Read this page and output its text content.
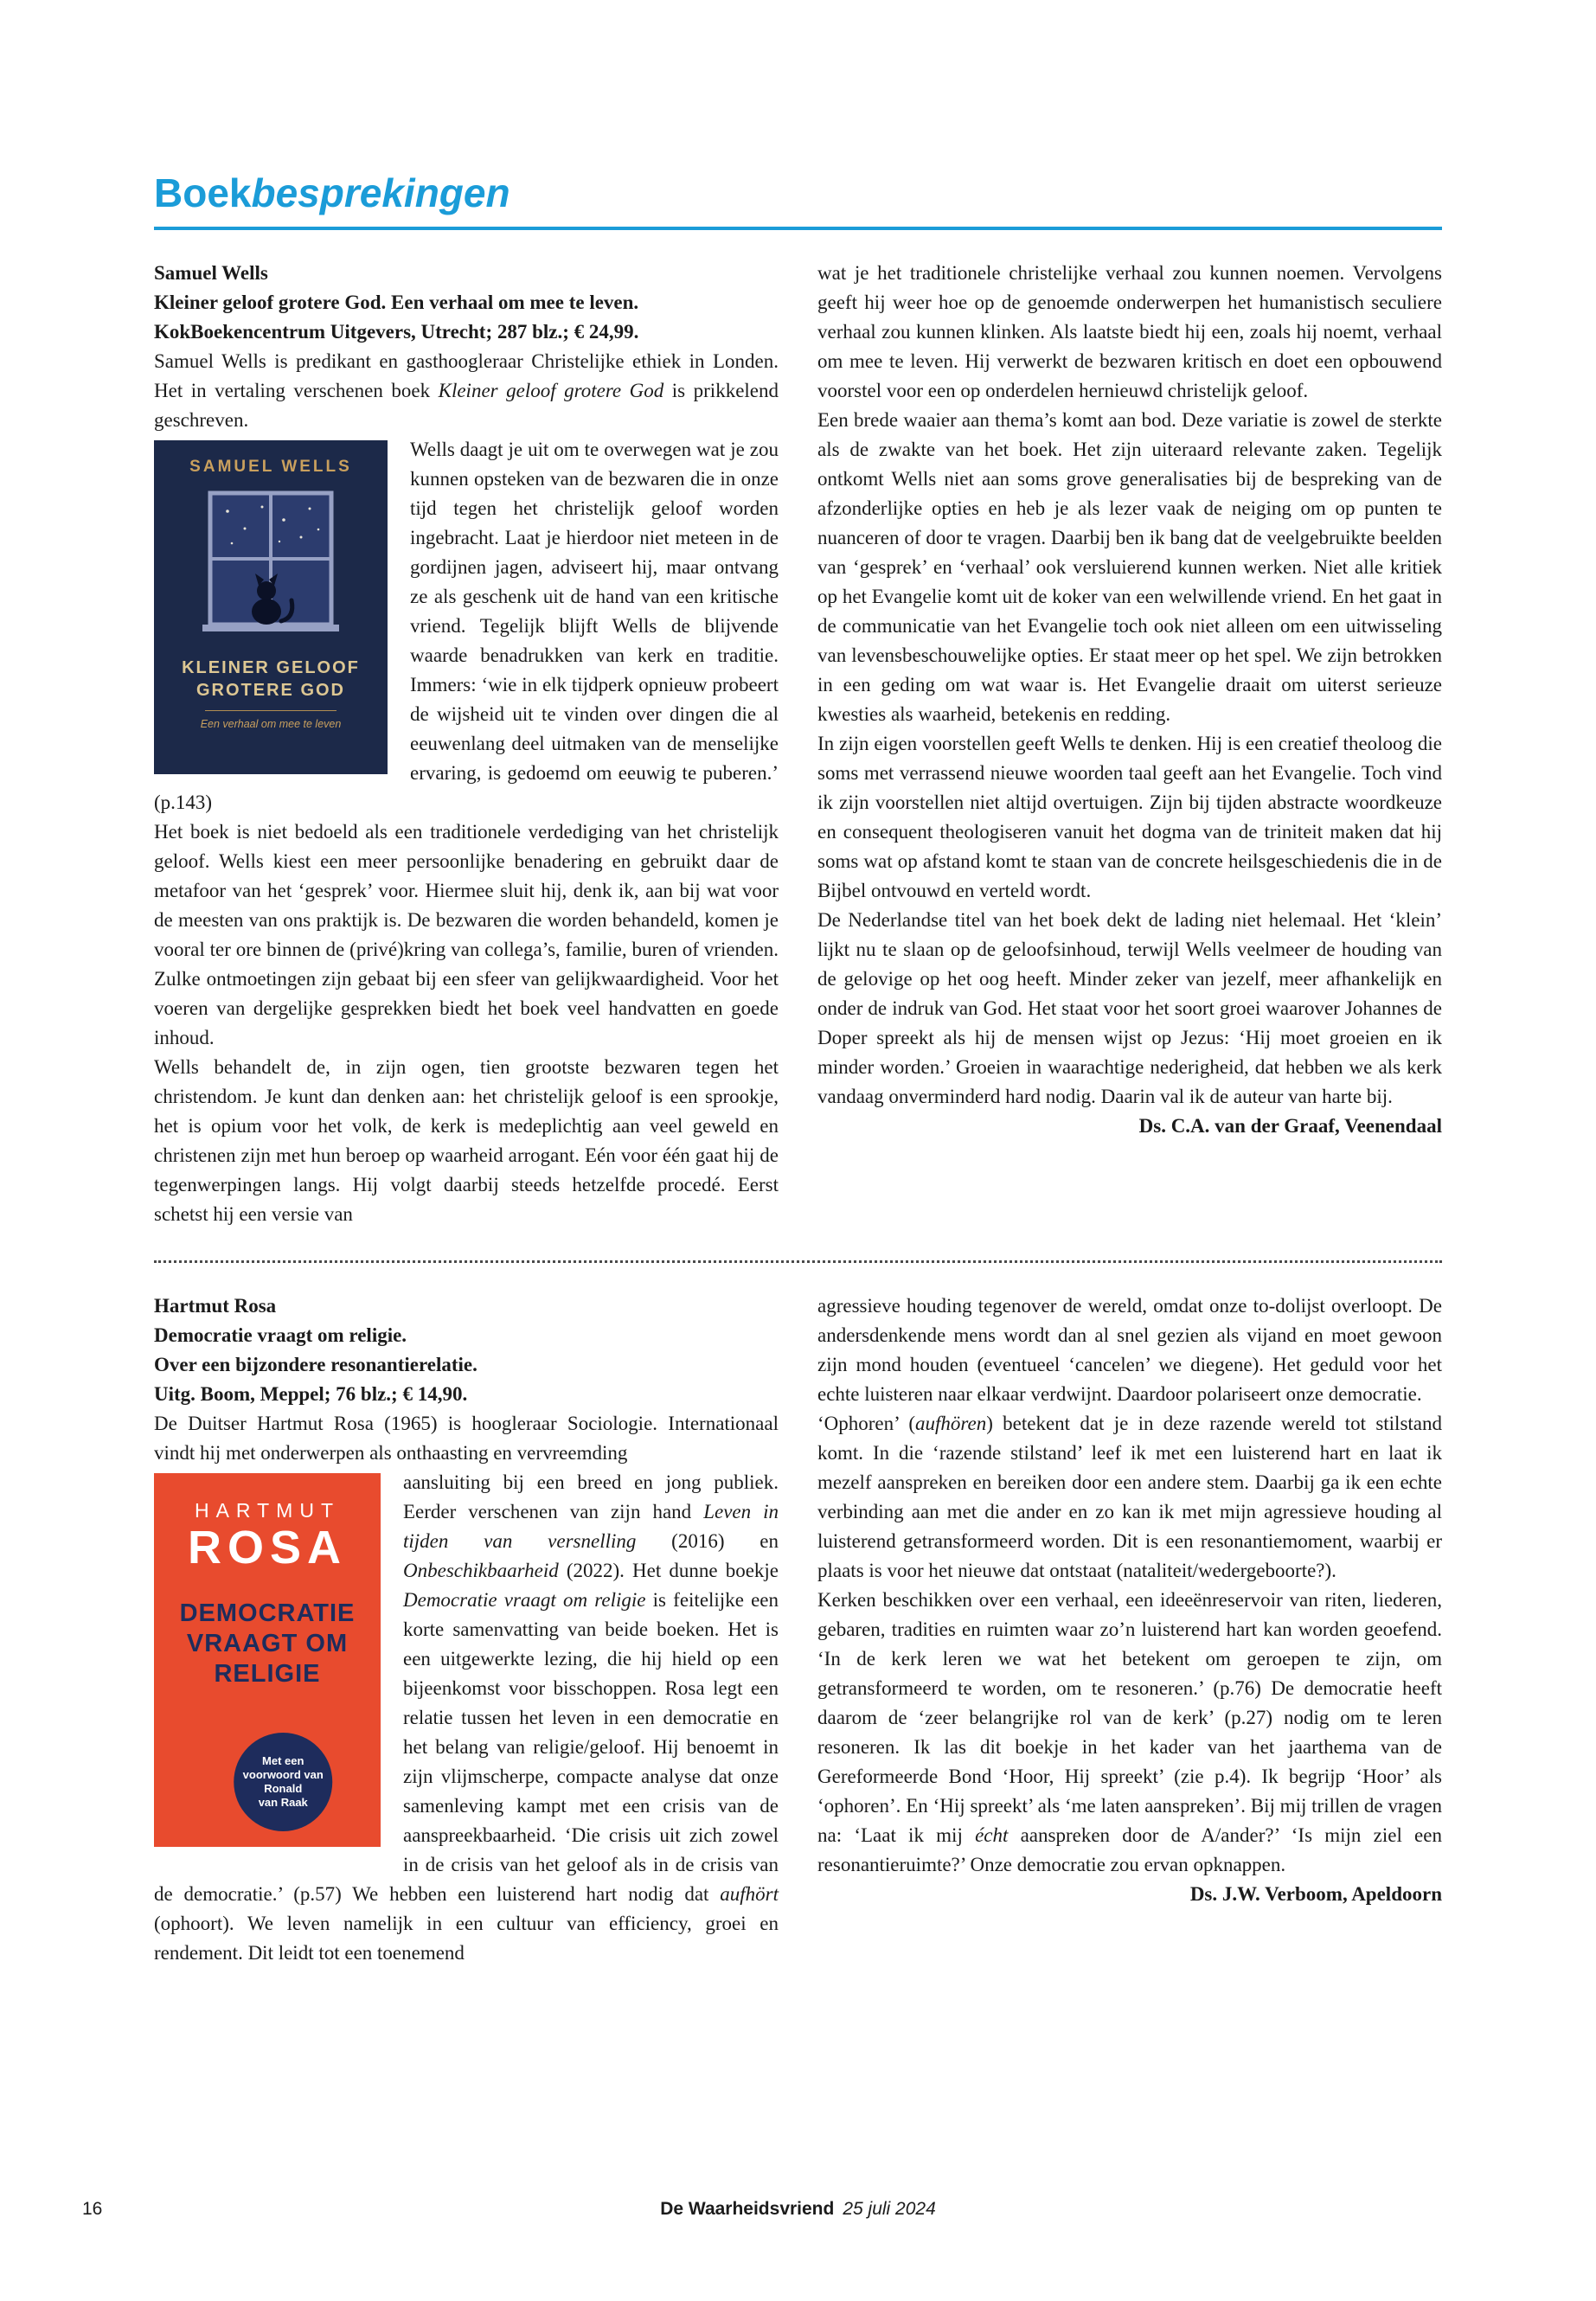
Boekbesprekingen
Samuel Wells
Kleiner geloof grotere God. Een verhaal om mee te leven.
KokBoekencentrum Uitgevers, Utrecht; 287 blz.; € 24,99.

Samuel Wells is predikant en gasthoogleraar Christelijke ethiek in Londen. Het in vertaling verschenen boek Kleiner geloof grotere God is prikkelend geschreven.

SAMUEL WELLS
KLEINER GELOOF
GROTERE GOD
Een verhaal om mee te leven

Wells daagt je uit om te overwegen wat je zou kunnen opsteken van de bezwaren die in onze tijd tegen het christelijk geloof worden ingebracht. Laat je hierdoor niet meteen in de gordijnen jagen, adviseert hij, maar ontvang ze als geschenk uit de hand van een kritische vriend. Tegelijk blijft Wells de blijvende waarde benadrukken van kerk en traditie. Immers: ‘wie in elk tijdperk opnieuw probeert de wijsheid uit te vinden over dingen die al eeuwenlang deel uitmaken van de menselijke ervaring, is gedoemd om eeuwig te puberen.’ (p.143)

Het boek is niet bedoeld als een traditionele verdediging van het christelijk geloof. Wells kiest een meer persoonlijke benadering en gebruikt daar de metafoor van het ‘gesprek’ voor. Hiermee sluit hij, denk ik, aan bij wat voor de meesten van ons praktijk is. De bezwaren die worden behandeld, komen je vooral ter ore binnen de (privé)kring van collega’s, familie, buren of vrienden. Zulke ontmoetingen zijn gebaat bij een sfeer van gelijkwaardigheid. Voor het voeren van dergelijke gesprekken biedt het boek veel handvatten en goede inhoud.

Wells behandelt de, in zijn ogen, tien grootste bezwaren tegen het christendom. Je kunt dan denken aan: het christelijk geloof is een sprookje, het is opium voor het volk, de kerk is medeplichtig aan veel geweld en christenen zijn met hun beroep op waarheid arrogant. Eén voor één gaat hij de tegenwerpingen langs. Hij volgt daarbij steeds hetzelfde procedé. Eerst schetst hij een versie van

wat je het traditionele christelijke verhaal zou kunnen noemen. Vervolgens geeft hij weer hoe op de genoemde onderwerpen het humanistisch seculiere verhaal zou kunnen klinken. Als laatste biedt hij een, zoals hij noemt, verhaal om mee te leven. Hij verwerkt de bezwaren kritisch en doet een opbouwend voorstel voor een op onderdelen hernieuwd christelijk geloof.

Een brede waaier aan thema’s komt aan bod. Deze variatie is zowel de sterkte als de zwakte van het boek. Het zijn uiteraard relevante zaken. Tegelijk ontkomt Wells niet aan soms grove generalisaties bij de bespreking van de afzonderlijke opties en heb je als lezer vaak de neiging om op punten te nuanceren of door te vragen. Daarbij ben ik bang dat de veelgebruikte beelden van ‘gesprek’ en ‘verhaal’ ook versluierend kunnen werken. Niet alle kritiek op het Evangelie komt uit de koker van een welwillende vriend. En het gaat in de communicatie van het Evangelie toch ook niet alleen om een uitwisseling van levensbeschouwelijke opties. Er staat meer op het spel. We zijn betrokken in een geding om wat waar is. Het Evangelie draait om uiterst serieuze kwesties als waarheid, betekenis en redding.

In zijn eigen voorstellen geeft Wells te denken. Hij is een creatief theoloog die soms met verrassend nieuwe woorden taal geeft aan het Evangelie. Toch vind ik zijn voorstellen niet altijd overtuigen. Zijn bij tijden abstracte woordkeuze en consequent theologiseren vanuit het dogma van de triniteit maken dat hij soms wat op afstand komt te staan van de concrete heilsgeschiedenis die in de Bijbel ontvouwd en verteld wordt.

De Nederlandse titel van het boek dekt de lading niet helemaal. Het ‘klein’ lijkt nu te slaan op de geloofsinhoud, terwijl Wells veelmeer de houding van de gelovige op het oog heeft. Minder zeker van jezelf, meer afhankelijk en onder de indruk van God. Het staat voor het soort groei waarover Johannes de Doper spreekt als hij de mensen wijst op Jezus: ‘Hij moet groeien en ik minder worden.’ Groeien in waarachtige nederigheid, dat hebben we als kerk vandaag onverminderd hard nodig. Daarin val ik de auteur van harte bij.

Ds. C.A. van der Graaf, Veenendaal

Hartmut Rosa
Democratie vraagt om religie.
Over een bijzondere resonantierelatie.
Uitg. Boom, Meppel; 76 blz.; € 14,90.

De Duitser Hartmut Rosa (1965) is hoogleraar Sociologie. Internationaal vindt hij met onderwerpen als onthaasting en vervreemding

HARTMUT
ROSA
DEMOCRATIE
VRAAGT OM
RELIGIE
Met een
voorwoord van
Ronald
van Raak

aansluiting bij een breed en jong publiek. Eerder verschenen van zijn hand Leven in tijden van versnelling (2016) en Onbeschikbaarheid (2022). Het dunne boekje Democratie vraagt om religie is feitelijke een korte samenvatting van beide boeken. Het is een uitgewerkte lezing, die hij hield op een bijeenkomst voor bisschoppen. Rosa legt een relatie tussen het leven in een democratie en het belang van religie/geloof. Hij benoemt in zijn vlijmscherpe, compacte analyse dat onze samenleving kampt met een crisis van de aanspreekbaarheid. ‘Die crisis uit zich zowel in de crisis van het geloof als in de crisis van de democratie.’ (p.57) We hebben een luisterend hart nodig dat aufhört (ophoort). We leven namelijk in een cultuur van efficiency, groei en rendement. Dit leidt tot een toenemend

agressieve houding tegenover de wereld, omdat onze to-dolijst overloopt. De andersdenkende mens wordt dan al snel gezien als vijand en moet gewoon zijn mond houden (eventueel ‘cancelen’ we diegene). Het geduld voor het echte luisteren naar elkaar verdwijnt. Daardoor polariseert onze democratie.

‘Ophoren’ (aufhören) betekent dat je in deze razende wereld tot stilstand komt. In die ‘razende stilstand’ leef ik met een luisterend hart en laat ik mezelf aanspreken en bereiken door een andere stem. Daarbij ga ik een echte verbinding aan met die ander en zo kan ik met mijn agressieve houding al luisterend getransformeerd worden. Dit is een resonantiemoment, waarbij er plaats is voor het nieuwe dat ontstaat (nataliteit/wedergeboorte?).

Kerken beschikken over een verhaal, een ideeënreservoir van riten, liederen, gebaren, tradities en ruimten waar zo’n luisterend hart kan worden geoefend. ‘In de kerk leren we wat het betekent om geroepen te zijn, om getransformeerd te worden, om te resoneren.’ (p.76) De democratie heeft daarom de ‘zeer belangrijke rol van de kerk’ (p.27) nodig om te leren resoneren. Ik las dit boekje in het kader van het jaarthema van de Gereformeerde Bond ‘Hoor, Hij spreekt’ (zie p.4). Ik begrijp ‘Hoor’ als ‘ophoren’. En ‘Hij spreekt’ als ‘me laten aanspreken’. Bij mij trillen de vragen na: ‘Laat ik mij écht aanspreken door de A/ander?’ ‘Is mijn ziel een resonantieruimte?’ Onze democratie zou ervan opknappen.

Ds. J.W. Verboom, Apeldoorn

16	De Waarheidsvriend 25 juli 2024
